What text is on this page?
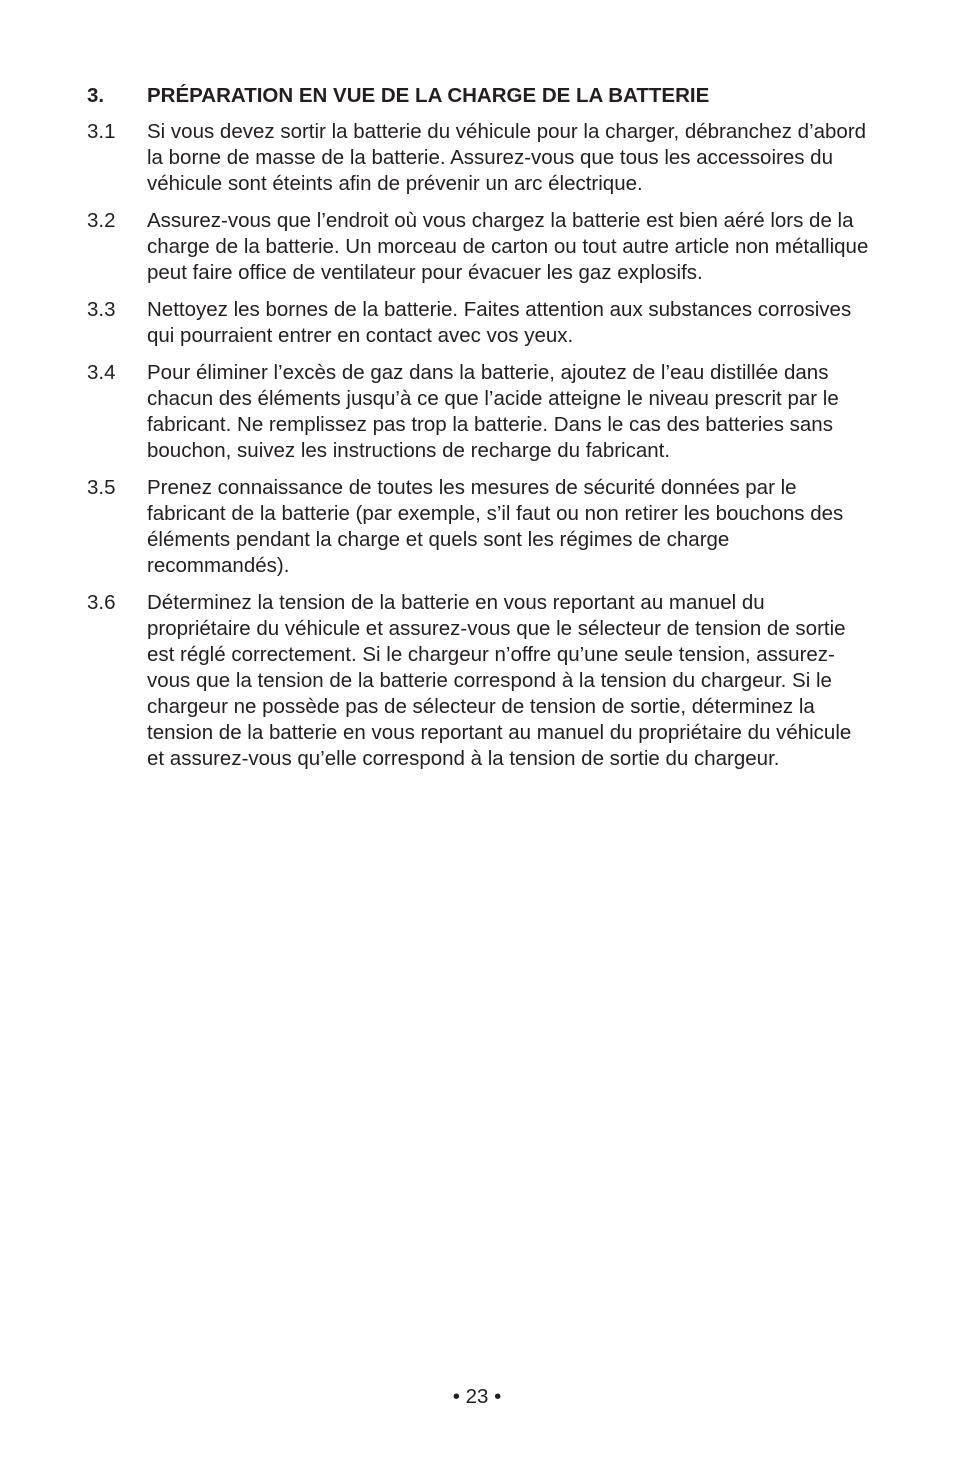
3.	PRÉPARATION EN VUE DE LA CHARGE DE LA BATTERIE
3.1	Si vous devez sortir la batterie du véhicule pour la charger, débranchez d’abord la borne de masse de la batterie. Assurez-vous que tous les accessoires du véhicule sont éteints afin de prévenir un arc électrique.
3.2	Assurez-vous que l’endroit où vous chargez la batterie est bien aéré lors de la charge de la batterie. Un morceau de carton ou tout autre article non métallique peut faire office de ventilateur pour évacuer les gaz explosifs.
3.3	Nettoyez les bornes de la batterie. Faites attention aux substances corrosives qui pourraient entrer en contact avec vos yeux.
3.4	Pour éliminer l’excès de gaz dans la batterie, ajoutez de l’eau distillée dans chacun des éléments jusqu’à ce que l’acide atteigne le niveau prescrit par le fabricant. Ne remplissez pas trop la batterie. Dans le cas des batteries sans bouchon, suivez les instructions de recharge du fabricant.
3.5	Prenez connaissance de toutes les mesures de sécurité données par le fabricant de la batterie (par exemple, s’il faut ou non retirer les bouchons des éléments pendant la charge et quels sont les régimes de charge recommandés).
3.6	Déterminez la tension de la batterie en vous reportant au manuel du propriétaire du véhicule et assurez-vous que le sélecteur de tension de sortie est réglé correctement. Si le chargeur n’offre qu’une seule tension, assurez-vous que la tension de la batterie correspond à la tension du chargeur. Si le chargeur ne possède pas de sélecteur de tension de sortie, déterminez la tension de la batterie en vous reportant au manuel du propriétaire du véhicule et assurez-vous qu’elle correspond à la tension de sortie du chargeur.
• 23 •
